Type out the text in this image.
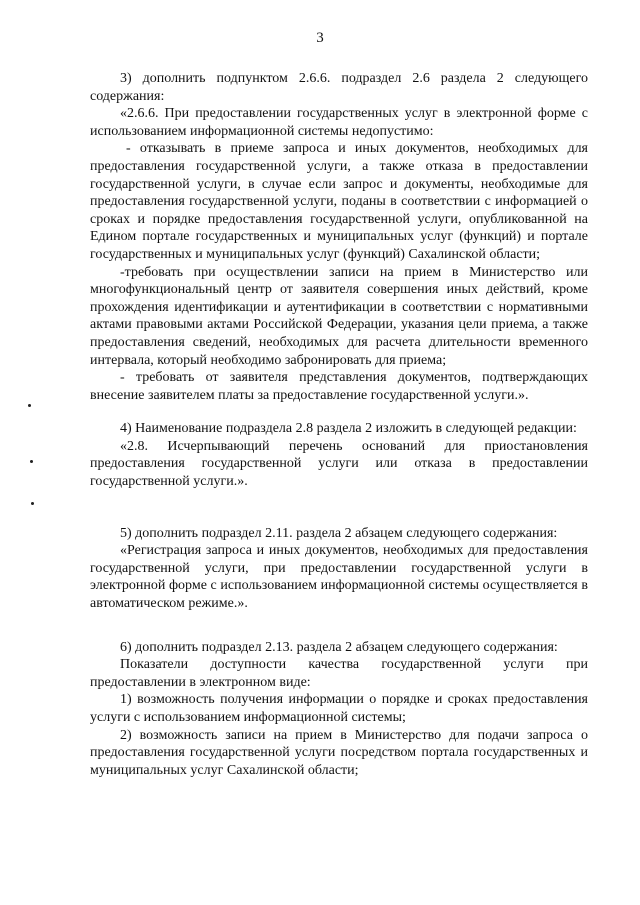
3

3) дополнить подпунктом 2.6.6. подраздел 2.6 раздела 2 следующего содержания:

«2.6.6. При предоставлении государственных услуг в электронной форме с использованием информационной системы недопустимо:

- отказывать в приеме запроса и иных документов, необходимых для предоставления государственной услуги, а также отказа в предоставлении государственной услуги, в случае если запрос и документы, необходимые для предоставления государственной услуги, поданы в соответствии с информацией о сроках и порядке предоставления государственной услуги, опубликованной на Едином портале государственных и муниципальных услуг (функций) и портале государственных и муниципальных услуг (функций) Сахалинской области;

-требовать при осуществлении записи на прием в Министерство или многофункциональный центр от заявителя совершения иных действий, кроме прохождения идентификации и аутентификации в соответствии с нормативными актами правовыми актами Российской Федерации, указания цели приема, а также предоставления сведений, необходимых для расчета длительности временного интервала, который необходимо забронировать для приема;

- требовать от заявителя представления документов, подтверждающих внесение заявителем платы за предоставление государственной услуги.».

4) Наименование подраздела 2.8 раздела 2 изложить в следующей редакции:

«2.8. Исчерпывающий перечень оснований для приостановления предоставления государственной услуги или отказа в предоставлении государственной услуги.».

5) дополнить подраздел 2.11. раздела 2 абзацем следующего содержания:

«Регистрация запроса и иных документов, необходимых для предоставления государственной услуги, при предоставлении государственной услуги в электронной форме с использованием информационной системы осуществляется в автоматическом режиме.».

6) дополнить подраздел 2.13. раздела 2 абзацем следующего содержания:

Показатели доступности качества государственной услуги при предоставлении в электронном виде:

1) возможность получения информации о порядке и сроках предоставления услуги с использованием информационной системы;

2) возможность записи на прием в Министерство для подачи запроса о предоставления государственной услуги посредством портала государственных и муниципальных услуг Сахалинской области;
